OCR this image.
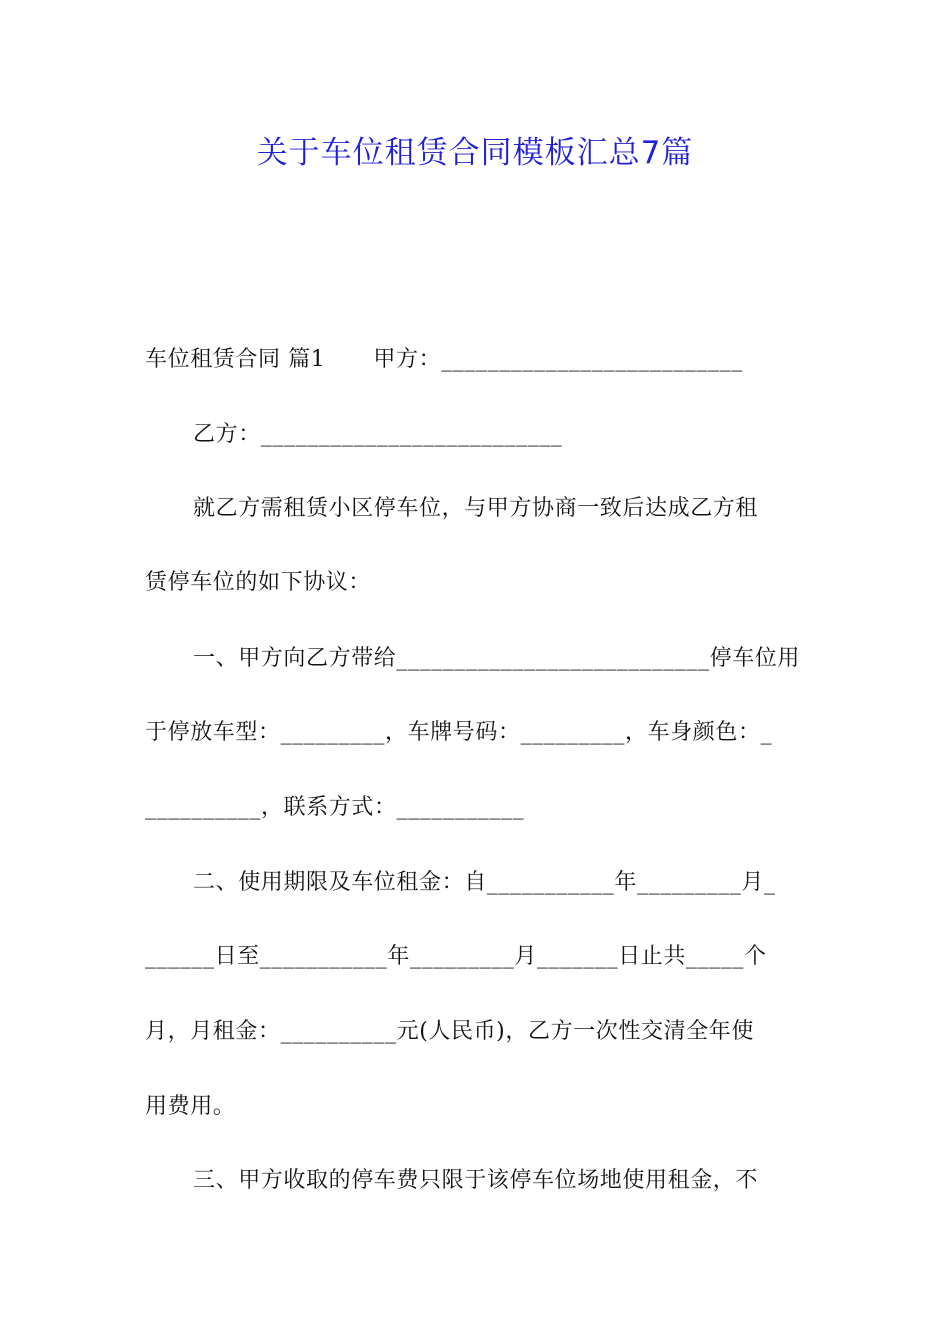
关于车位租赁合同模板汇总7篇
车位租赁合同 篇1 甲方：__________________________
乙方：__________________________
就乙方需租赁小区停车位，与甲方协商一致后达成乙方租
赁停车位的如下协议：
一、甲方向乙方带给___________________________停车位用
于停放车型：_________，车牌号码：_________，车身颜色：_
__________，联系方式：___________
二、使用期限及车位租金：自___________年_________月_
______日至___________年_________月_______日止共_____个
月，月租金：__________元(人民币)，乙方一次性交清全年使
用费用。
三、甲方收取的停车费只限于该停车位场地使用租金，不
